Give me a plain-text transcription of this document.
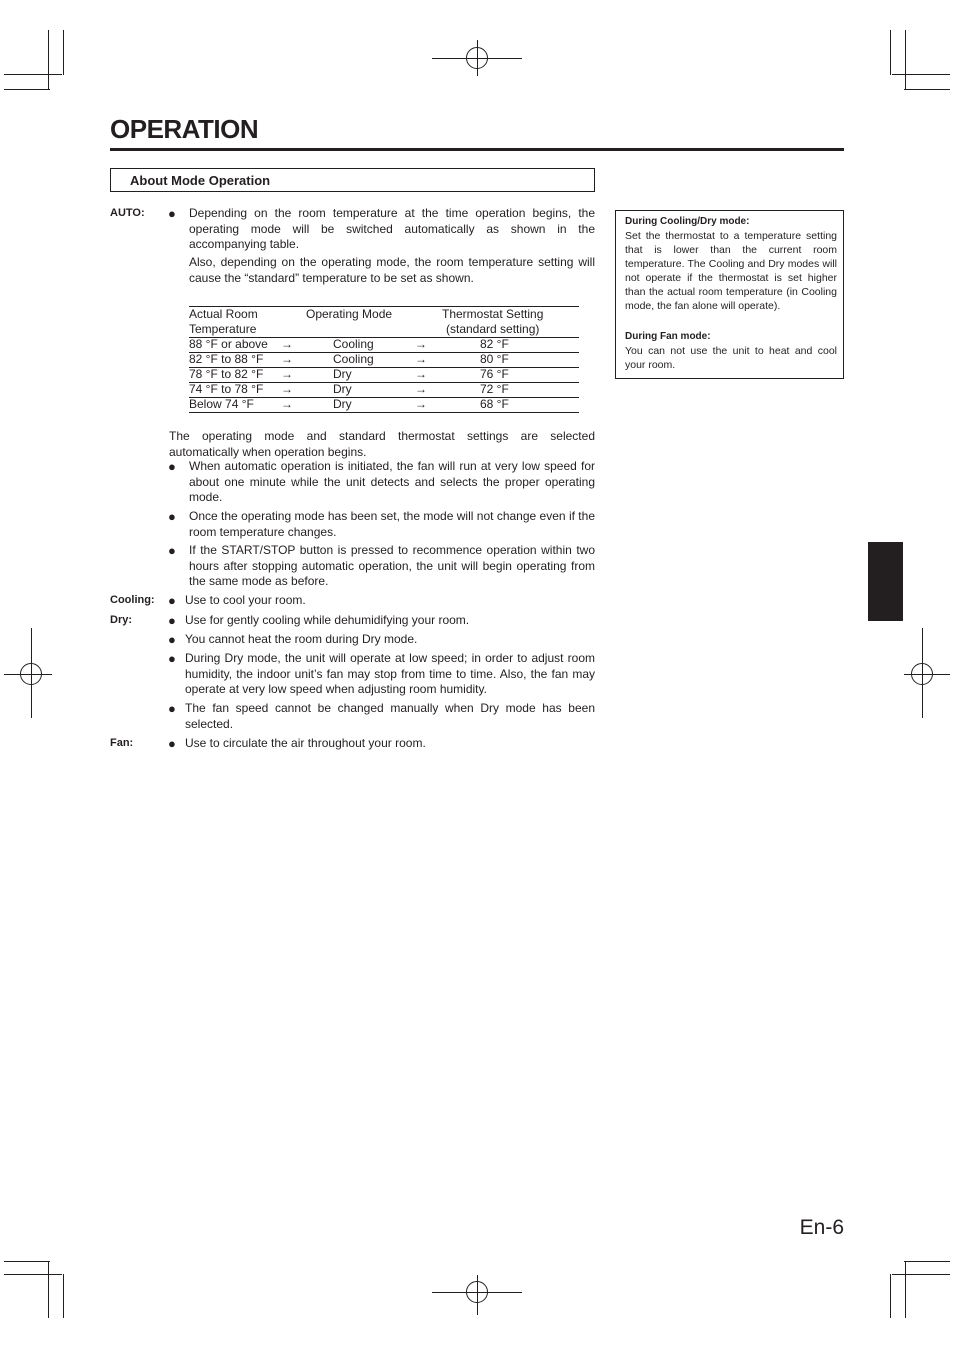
OPERATION
About Mode Operation
AUTO: ● Depending on the room temperature at the time operation begins, the operating mode will be switched automatically as shown in the accompanying table.
Also, depending on the operating mode, the room temperature setting will cause the “standard” temperature to be set as shown.
Actual Room
Temperature
Operating Mode	Thermostat Setting
(standard setting)
88 °F or above →	Cooling	→	82 °F
82 °F to 88 °F →	Cooling	→	80 °F
78 °F to 82 °F →	Dry	→	76 °F
74 °F to 78 °F →	Dry	→	72 °F
Below 74 °F →	Dry	→	68 °F
The operating mode and standard thermostat settings are selected automatically when operation begins.
● When automatic operation is initiated, the fan will run at very low speed for about one minute while the unit detects and selects the proper operating mode.
● Once the operating mode has been set, the mode will not change even if the room temperature changes.
● If the START/STOP button is pressed to recommence operation within two hours after stopping automatic operation, the unit will begin operating from the same mode as before.
Cooling: ● Use to cool your room.
Dry:	● Use for gently cooling while dehumidifying your room.
● You cannot heat the room during Dry mode.
● During Dry mode, the unit will operate at low speed; in order to adjust room humidity, the indoor unit’s fan may stop from time to time. Also, the fan may operate at very low speed when adjusting room humidity.
● The fan speed cannot be changed manually when Dry mode has been selected.
Fan:	● Use to circulate the air throughout your room.
During Cooling/Dry mode:
Set the thermostat to a temperature setting that is lower than the current room temperature. The Cooling and Dry modes will not operate if the thermostat is set higher than the actual room temperature (in Cooling mode, the fan alone will operate).
During Fan mode:
You can not use the unit to heat and cool your room.
En-6
